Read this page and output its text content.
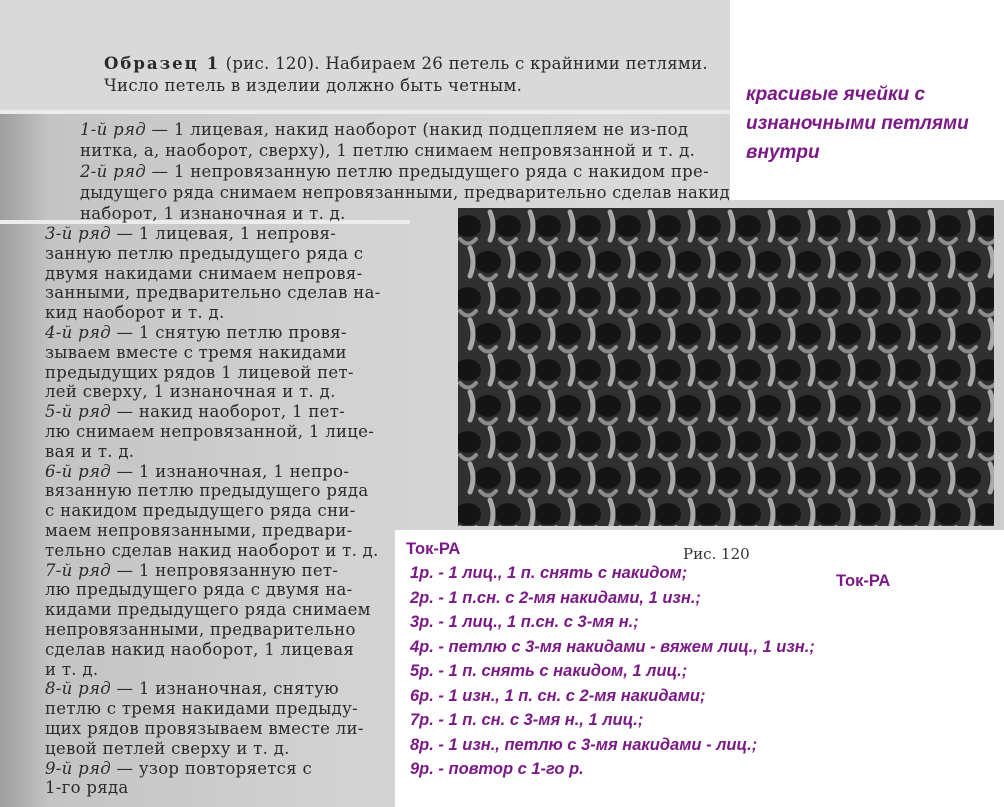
Образец 1 (рис. 120). Набираем 26 петель с крайними петлями.
Число петель в изделии должно быть четным.
1-й ряд — 1 лицевая, накид наоборот (накид подцепляем не из-под
нитка, а, наоборот, сверху), 1 петлю снимаем непровязанной и т. д.
2-й ряд — 1 непровязанную петлю предыдущего ряда с накидом пре-
дыдущего ряда снимаем непровязанными, предварительно сделав накид
наборот, 1 изнаночная и т. д.
3-й ряд — 1 лицевая, 1 непровя-
занную петлю предыдущего ряда с
двумя накидами снимаем непровя-
занными, предварительно сделав на-
кид наоборот и т. д.
4-й ряд — 1 снятую петлю провя-
зываем вместе с тремя накидами
предыдущих рядов 1 лицевой пет-
лей сверху, 1 изнаночная и т. д.
5-й ряд — накид наоборот, 1 пет-
лю снимаем непровязанной, 1 лице-
вая и т. д.
6-й ряд — 1 изнаночная, 1 непро-
вязанную петлю предыдущего ряда
с накидом предыдущего ряда сни-
маем непровязанными, предвари-
тельно сделав накид наоборот и т. д.
7-й ряд — 1 непровязанную пет-
лю предыдущего ряда с двумя на-
кидами предыдущего ряда снимаем
непровязанными, предварительно
сделав накид наоборот, 1 лицевая
и т. д.
8-й ряд — 1 изнаночная, снятую
петлю с тремя накидами предыду-
щих рядов провязываем вместе ли-
цевой петлей сверху и т. д.
9-й ряд — узор повторяется с
1-го ряда
Рис. 120
красивые ячейки с
изнаночными петлями
внутри
Ток-РА
Ток-РА
1р. - 1 лиц., 1 п. снять с накидом;
2р. - 1 п.сн. с 2-мя накидами, 1 изн.;
3р. - 1 лиц., 1 п.сн. с 3-мя н.;
4р. - петлю с 3-мя накидами - вяжем лиц., 1 изн.;
5р. - 1 п. снять с накидом, 1 лиц.;
6р. - 1 изн., 1 п. сн. с 2-мя накидами;
7р. - 1 п. сн. с 3-мя н., 1 лиц.;
8р. - 1 изн., петлю с 3-мя накидами - лиц.;
9р. - повтор с 1-го р.
